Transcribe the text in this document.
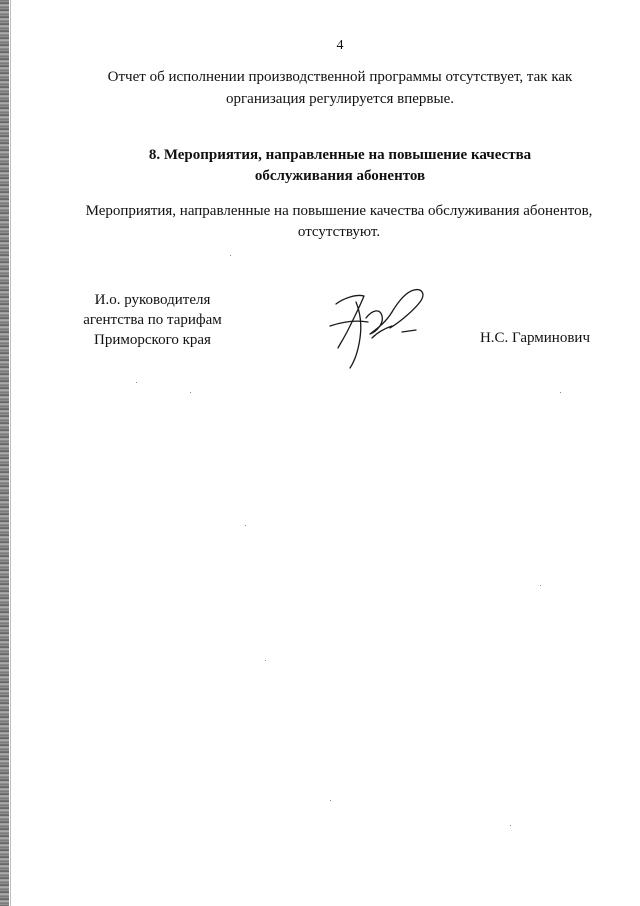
4
Отчет об исполнении производственной программы отсутствует, так как
организация регулируется впервые.
8. Мероприятия, направленные на повышение качества
обслуживания абонентов
Мероприятия, направленные на повышение качества обслуживания абонентов,
отсутствуют.
И.о. руководителя
агентства по тарифам
Приморского края	Н.С. Гарминович
